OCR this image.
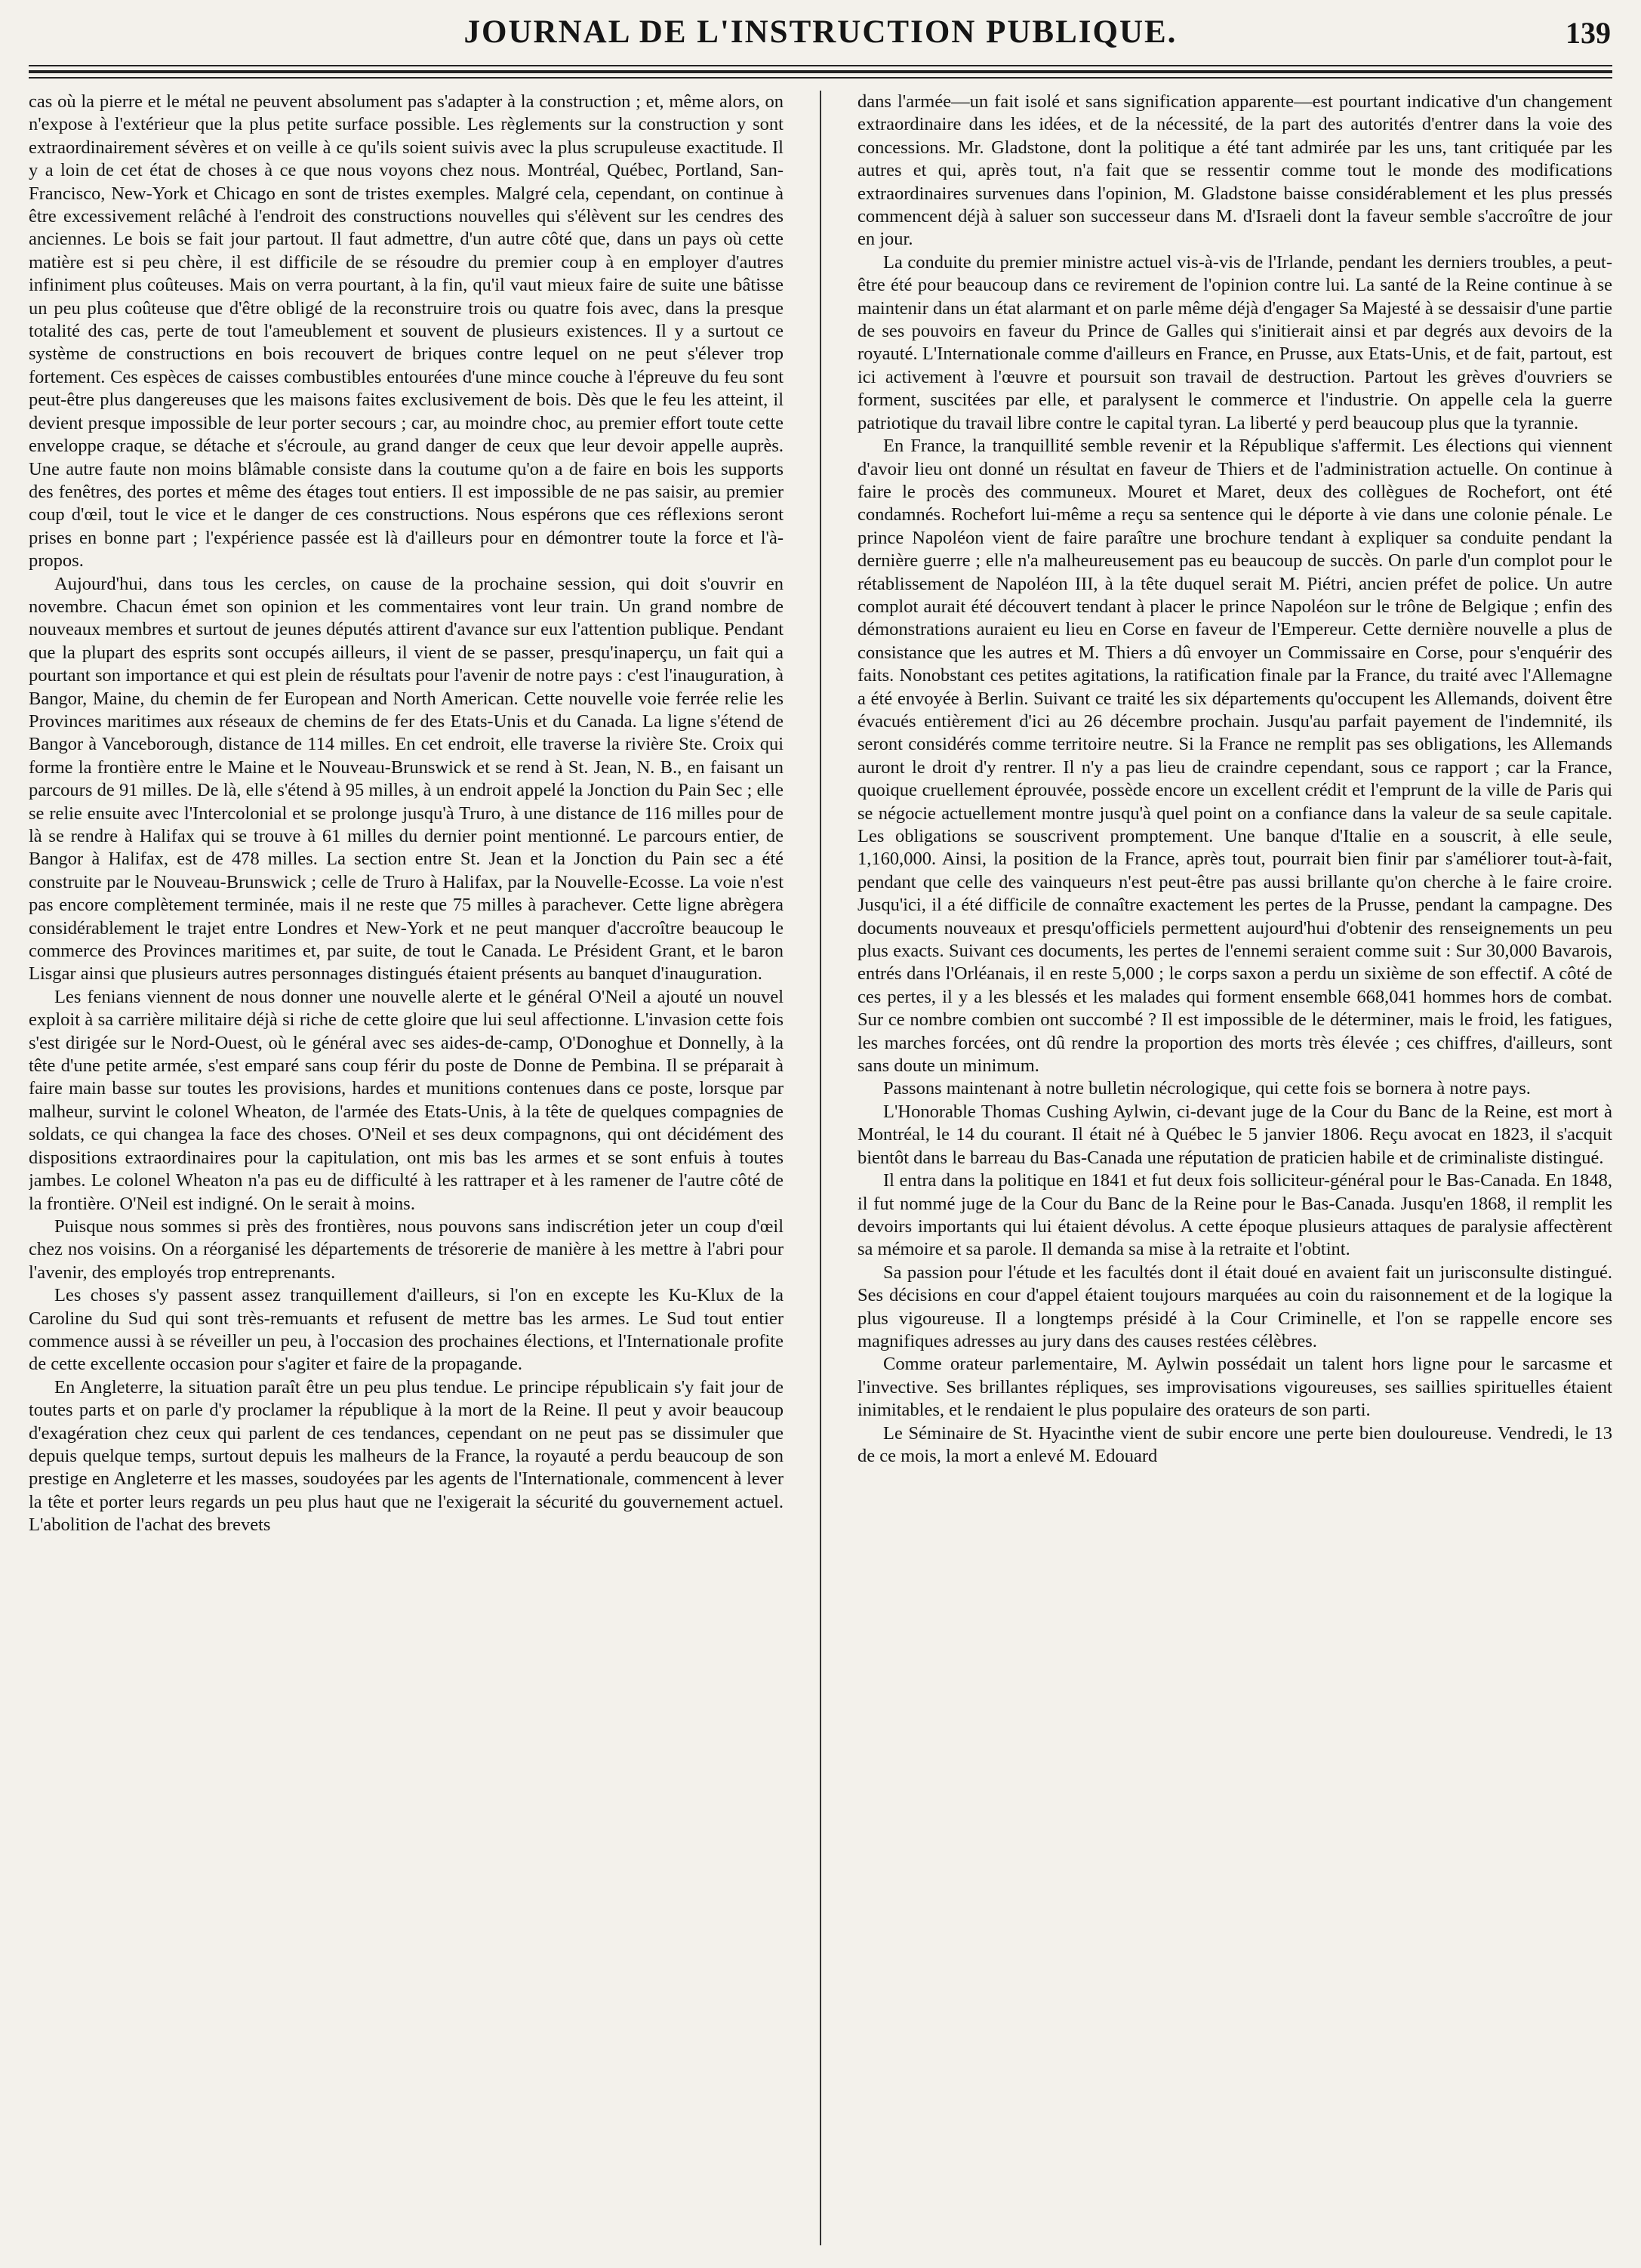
JOURNAL DE L'INSTRUCTION PUBLIQUE.	139

cas où la pierre et le métal ne peuvent absolument pas s'adapter à la construction ; et, même alors, on n'expose à l'extérieur que la plus petite surface possible. Les règlements sur la construction y sont extraordinairement sévères et on veille à ce qu'ils soient suivis avec la plus scrupuleuse exactitude. Il y a loin de cet état de choses à ce que nous voyons chez nous. Montréal, Québec, Portland, San-Francisco, New-York et Chicago en sont de tristes exemples. Malgré cela, cependant, on continue à être excessivement relâché à l'endroit des constructions nouvelles qui s'élèvent sur les cendres des anciennes. Le bois se fait jour partout. Il faut admettre, d'un autre côté que, dans un pays où cette matière est si peu chère, il est difficile de se résoudre du premier coup à en employer d'autres infiniment plus coûteuses. Mais on verra pourtant, à la fin, qu'il vaut mieux faire de suite une bâtisse un peu plus coûteuse que d'être obligé de la reconstruire trois ou quatre fois avec, dans la presque totalité des cas, perte de tout l'ameublement et souvent de plusieurs existences. Il y a surtout ce système de constructions en bois recouvert de briques contre lequel on ne peut s'élever trop fortement. Ces espèces de caisses combustibles entourées d'une mince couche à l'épreuve du feu sont peut-être plus dangereuses que les maisons faites exclusivement de bois. Dès que le feu les atteint, il devient presque impossible de leur porter secours ; car, au moindre choc, au premier effort toute cette enveloppe craque, se détache et s'écroule, au grand danger de ceux que leur devoir appelle auprès. Une autre faute non moins blâmable consiste dans la coutume qu'on a de faire en bois les supports des fenêtres, des portes et même des étages tout entiers. Il est impossible de ne pas saisir, au premier coup d'œil, tout le vice et le danger de ces constructions. Nous espérons que ces réflexions seront prises en bonne part ; l'expérience passée est là d'ailleurs pour en démontrer toute la force et l'à-propos.

Aujourd'hui, dans tous les cercles, on cause de la prochaine session, qui doit s'ouvrir en novembre. Chacun émet son opinion et les commentaires vont leur train. Un grand nombre de nouveaux membres et surtout de jeunes députés attirent d'avance sur eux l'attention publique. Pendant que la plupart des esprits sont occupés ailleurs, il vient de se passer, presqu'inaperçu, un fait qui a pourtant son importance et qui est plein de résultats pour l'avenir de notre pays : c'est l'inauguration, à Bangor, Maine, du chemin de fer European and North American. Cette nouvelle voie ferrée relie les Provinces maritimes aux réseaux de chemins de fer des Etats-Unis et du Canada. La ligne s'étend de Bangor à Vanceborough, distance de 114 milles. En cet endroit, elle traverse la rivière Ste. Croix qui forme la frontière entre le Maine et le Nouveau-Brunswick et se rend à St. Jean, N. B., en faisant un parcours de 91 milles. De là, elle s'étend à 95 milles, à un endroit appelé la Jonction du Pain Sec ; elle se relie ensuite avec l'Intercolonial et se prolonge jusqu'à Truro, à une distance de 116 milles pour de là se rendre à Halifax qui se trouve à 61 milles du dernier point mentionné. Le parcours entier, de Bangor à Halifax, est de 478 milles. La section entre St. Jean et la Jonction du Pain sec a été construite par le Nouveau-Brunswick ; celle de Truro à Halifax, par la Nouvelle-Ecosse. La voie n'est pas encore complètement terminée, mais il ne reste que 75 milles à parachever. Cette ligne abrègera considérablement le trajet entre Londres et New-York et ne peut manquer d'accroître beaucoup le commerce des Provinces maritimes et, par suite, de tout le Canada. Le Président Grant, et le baron Lisgar ainsi que plusieurs autres personnages distingués étaient présents au banquet d'inauguration.

Les fenians viennent de nous donner une nouvelle alerte et le général O'Neil a ajouté un nouvel exploit à sa carrière militaire déjà si riche de cette gloire que lui seul affectionne. L'invasion cette fois s'est dirigée sur le Nord-Ouest, où le général avec ses aides-de-camp, O'Donoghue et Donnelly, à la tête d'une petite armée, s'est emparé sans coup férir du poste de Donne de Pembina. Il se préparait à faire main basse sur toutes les provisions, hardes et munitions contenues dans ce poste, lorsque par malheur, survint le colonel Wheaton, de l'armée des Etats-Unis, à la tête de quelques compagnies de soldats, ce qui changea la face des choses. O'Neil et ses deux compagnons, qui ont décidément des dispositions extraordinaires pour la capitulation, ont mis bas les armes et se sont enfuis à toutes jambes. Le colonel Wheaton n'a pas eu de difficulté à les rattraper et à les ramener de l'autre côté de la frontière. O'Neil est indigné. On le serait à moins.

Puisque nous sommes si près des frontières, nous pouvons sans indiscrétion jeter un coup d'œil chez nos voisins. On a réorganisé les départements de trésorerie de manière à les mettre à l'abri pour l'avenir, des employés trop entreprenants.

Les choses s'y passent assez tranquillement d'ailleurs, si l'on en excepte les Ku-Klux de la Caroline du Sud qui sont très-remuants et refusent de mettre bas les armes. Le Sud tout entier commence aussi à se réveiller un peu, à l'occasion des prochaines élections, et l'Internationale profite de cette excellente occasion pour s'agiter et faire de la propagande.

En Angleterre, la situation paraît être un peu plus tendue. Le principe républicain s'y fait jour de toutes parts et on parle d'y proclamer la république à la mort de la Reine. Il peut y avoir beaucoup d'exagération chez ceux qui parlent de ces tendances, cependant on ne peut pas se dissimuler que depuis quelque temps, surtout depuis les malheurs de la France, la royauté a perdu beaucoup de son prestige en Angleterre et les masses, soudoyées par les agents de l'Internationale, commencent à lever la tête et porter leurs regards un peu plus haut que ne l'exigerait la sécurité du gouvernement actuel. L'abolition de l'achat des brevets

dans l'armée—un fait isolé et sans signification apparente—est pourtant indicative d'un changement extraordinaire dans les idées, et de la nécessité, de la part des autorités d'entrer dans la voie des concessions. Mr. Gladstone, dont la politique a été tant admirée par les uns, tant critiquée par les autres et qui, après tout, n'a fait que se ressentir comme tout le monde des modifications extraordinaires survenues dans l'opinion, M. Gladstone baisse considérablement et les plus pressés commencent déjà à saluer son successeur dans M. d'Israeli dont la faveur semble s'accroître de jour en jour.

La conduite du premier ministre actuel vis-à-vis de l'Irlande, pendant les derniers troubles, a peut-être été pour beaucoup dans ce revirement de l'opinion contre lui. La santé de la Reine continue à se maintenir dans un état alarmant et on parle même déjà d'engager Sa Majesté à se dessaisir d'une partie de ses pouvoirs en faveur du Prince de Galles qui s'initierait ainsi et par degrés aux devoirs de la royauté. L'Internationale comme d'ailleurs en France, en Prusse, aux Etats-Unis, et de fait, partout, est ici activement à l'œuvre et poursuit son travail de destruction. Partout les grèves d'ouvriers se forment, suscitées par elle, et paralysent le commerce et l'industrie. On appelle cela la guerre patriotique du travail libre contre le capital tyran. La liberté y perd beaucoup plus que la tyrannie.

En France, la tranquillité semble revenir et la République s'affermit. Les élections qui viennent d'avoir lieu ont donné un résultat en faveur de Thiers et de l'administration actuelle. On continue à faire le procès des communeux. Mouret et Maret, deux des collègues de Rochefort, ont été condamnés. Rochefort lui-même a reçu sa sentence qui le déporte à vie dans une colonie pénale. Le prince Napoléon vient de faire paraître une brochure tendant à expliquer sa conduite pendant la dernière guerre ; elle n'a malheureusement pas eu beaucoup de succès. On parle d'un complot pour le rétablissement de Napoléon III, à la tête duquel serait M. Piétri, ancien préfet de police. Un autre complot aurait été découvert tendant à placer le prince Napoléon sur le trône de Belgique ; enfin des démonstrations auraient eu lieu en Corse en faveur de l'Empereur. Cette dernière nouvelle a plus de consistance que les autres et M. Thiers a dû envoyer un Commissaire en Corse, pour s'enquérir des faits. Nonobstant ces petites agitations, la ratification finale par la France, du traité avec l'Allemagne a été envoyée à Berlin. Suivant ce traité les six départements qu'occupent les Allemands, doivent être évacués entièrement d'ici au 26 décembre prochain. Jusqu'au parfait payement de l'indemnité, ils seront considérés comme territoire neutre. Si la France ne remplit pas ses obligations, les Allemands auront le droit d'y rentrer. Il n'y a pas lieu de craindre cependant, sous ce rapport ; car la France, quoique cruellement éprouvée, possède encore un excellent crédit et l'emprunt de la ville de Paris qui se négocie actuellement montre jusqu'à quel point on a confiance dans la valeur de sa seule capitale. Les obligations se souscrivent promptement. Une banque d'Italie en a souscrit, à elle seule, 1,160,000. Ainsi, la position de la France, après tout, pourrait bien finir par s'améliorer tout-à-fait, pendant que celle des vainqueurs n'est peut-être pas aussi brillante qu'on cherche à le faire croire. Jusqu'ici, il a été difficile de connaître exactement les pertes de la Prusse, pendant la campagne. Des documents nouveaux et presqu'officiels permettent aujourd'hui d'obtenir des renseignements un peu plus exacts. Suivant ces documents, les pertes de l'ennemi seraient comme suit : Sur 30,000 Bavarois, entrés dans l'Orléanais, il en reste 5,000 ; le corps saxon a perdu un sixième de son effectif. A côté de ces pertes, il y a les blessés et les malades qui forment ensemble 668,041 hommes hors de combat. Sur ce nombre combien ont succombé ? Il est impossible de le déterminer, mais le froid, les fatigues, les marches forcées, ont dû rendre la proportion des morts très élevée ; ces chiffres, d'ailleurs, sont sans doute un minimum.

Passons maintenant à notre bulletin nécrologique, qui cette fois se bornera à notre pays.

L'Honorable Thomas Cushing Aylwin, ci-devant juge de la Cour du Banc de la Reine, est mort à Montréal, le 14 du courant. Il était né à Québec le 5 janvier 1806. Reçu avocat en 1823, il s'acquit bientôt dans le barreau du Bas-Canada une réputation de praticien habile et de criminaliste distingué.

Il entra dans la politique en 1841 et fut deux fois solliciteur-général pour le Bas-Canada. En 1848, il fut nommé juge de la Cour du Banc de la Reine pour le Bas-Canada. Jusqu'en 1868, il remplit les devoirs importants qui lui étaient dévolus. A cette époque plusieurs attaques de paralysie affectèrent sa mémoire et sa parole. Il demanda sa mise à la retraite et l'obtint.

Sa passion pour l'étude et les facultés dont il était doué en avaient fait un jurisconsulte distingué. Ses décisions en cour d'appel étaient toujours marquées au coin du raisonnement et de la logique la plus vigoureuse. Il a longtemps présidé à la Cour Criminelle, et l'on se rappelle encore ses magnifiques adresses au jury dans des causes restées célèbres.

Comme orateur parlementaire, M. Aylwin possédait un talent hors ligne pour le sarcasme et l'invective. Ses brillantes répliques, ses improvisations vigoureuses, ses saillies spirituelles étaient inimitables, et le rendaient le plus populaire des orateurs de son parti.

Le Séminaire de St. Hyacinthe vient de subir encore une perte bien douloureuse. Vendredi, le 13 de ce mois, la mort a enlevé M. Edouard
